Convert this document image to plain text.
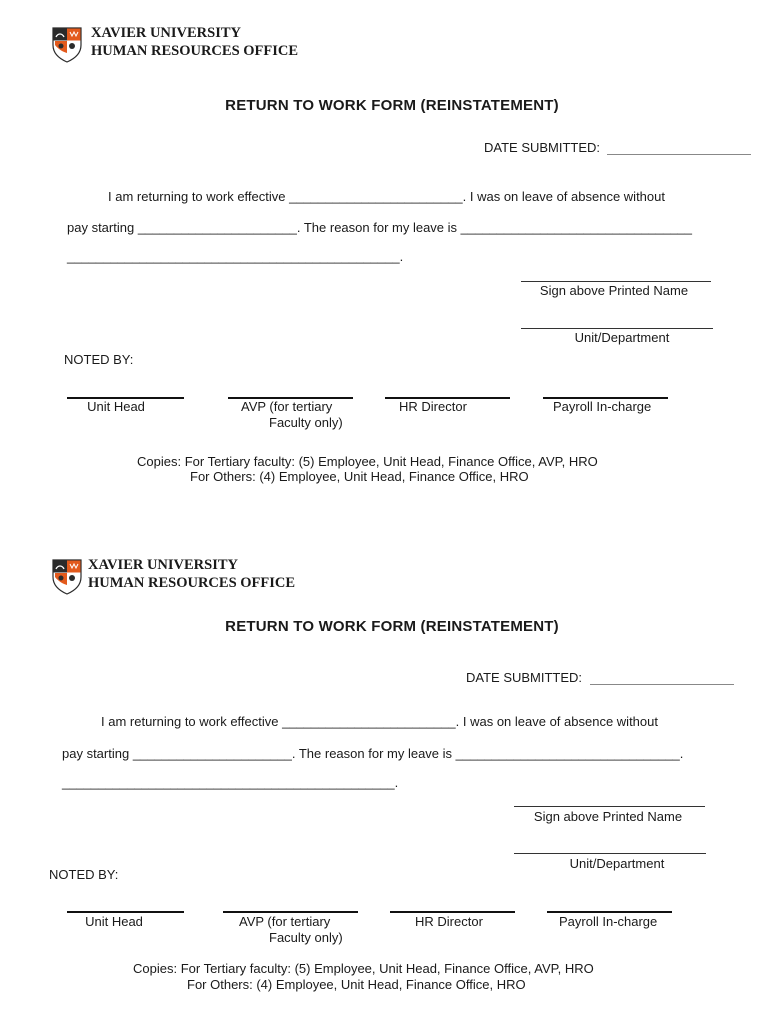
XAVIER UNIVERSITY
HUMAN RESOURCES OFFICE
RETURN TO WORK FORM (REINSTATEMENT)
DATE SUBMITTED:
I am returning to work effective ________________________. I was on leave of absence without
pay starting ______________________. The reason for my leave is ________________________________
______________________________________________.
Sign above Printed Name
Unit/Department
NOTED BY:
Unit Head	AVP (for tertiary
Faculty only)
HR Director	Payroll In-charge
Copies: For Tertiary faculty: (5) Employee, Unit Head, Finance Office, AVP, HRO
For Others: (4) Employee, Unit Head, Finance Office, HRO
XAVIER UNIVERSITY
HUMAN RESOURCES OFFICE
RETURN TO WORK FORM (REINSTATEMENT)
DATE SUBMITTED:
I am returning to work effective ________________________. I was on leave of absence without
pay starting ______________________. The reason for my leave is _______________________________.
______________________________________________.
Sign above Printed Name
Unit/Department
NOTED BY:
Unit Head	AVP (for tertiary
Faculty only)
HR Director	Payroll In-charge
Copies: For Tertiary faculty: (5) Employee, Unit Head, Finance Office, AVP, HRO
For Others: (4) Employee, Unit Head, Finance Office, HRO
